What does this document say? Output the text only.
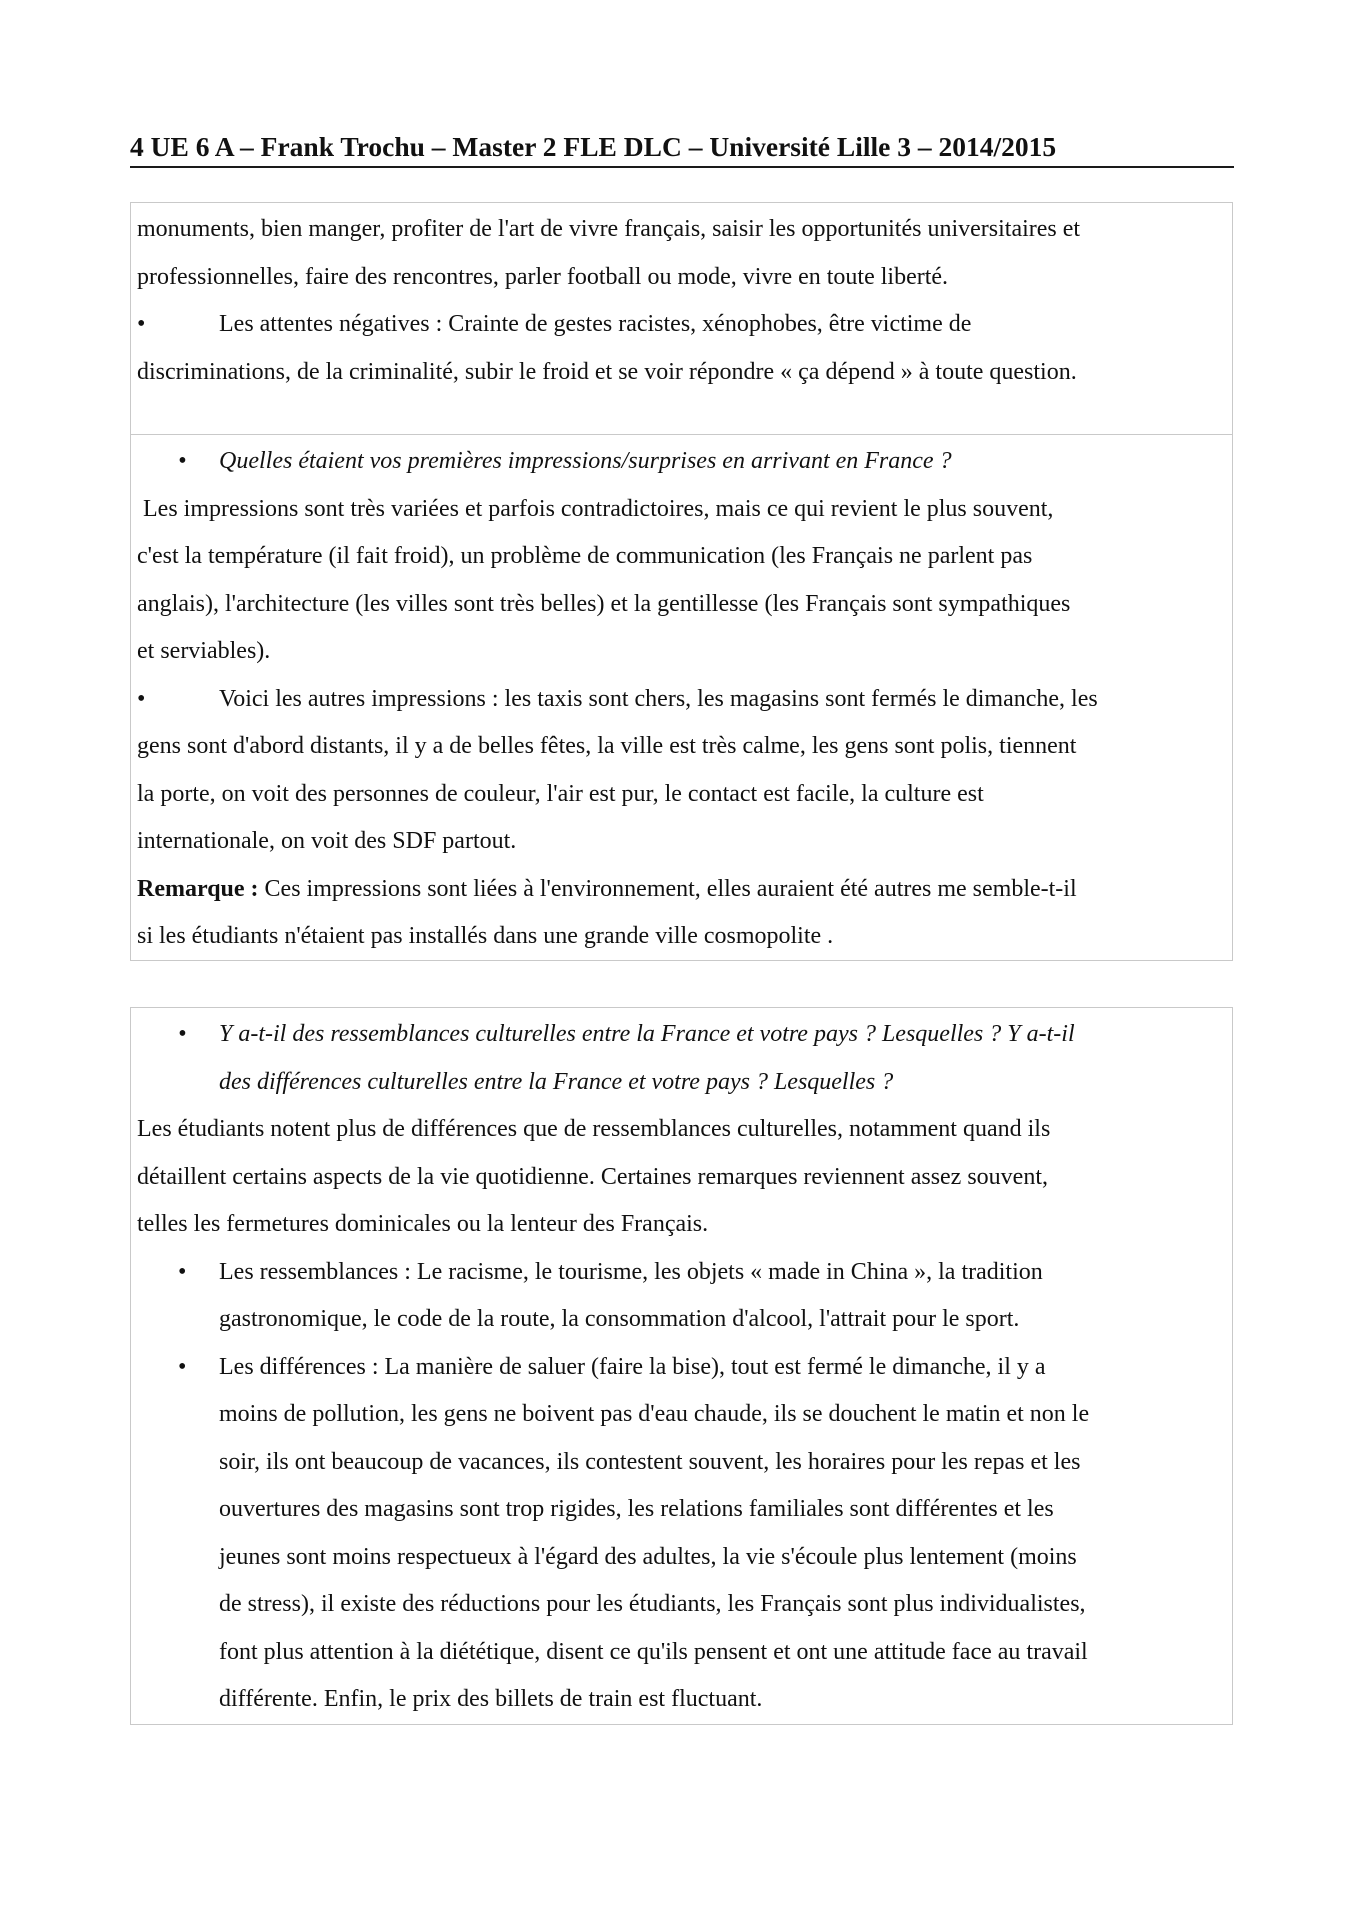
4 UE 6 A – Frank Trochu – Master 2 FLE DLC – Université Lille 3 – 2014/2015

monuments, bien manger, profiter de l'art de vivre français, saisir les opportunités universitaires et

professionnelles, faire des rencontres, parler football ou mode, vivre en toute liberté.

•	Les attentes négatives : Crainte de gestes racistes, xénophobes, être victime de

discriminations, de la criminalité, subir le froid et se voir répondre « ça dépend » à toute question.

• Quelles étaient vos premières impressions/surprises en arrivant en France ?

Les impressions sont très variées et parfois contradictoires, mais ce qui revient le plus souvent,

c'est la température (il fait froid), un problème de communication (les Français ne parlent pas

anglais), l'architecture (les villes sont très belles) et la gentillesse (les Français sont sympathiques

et serviables).

•	Voici les autres impressions : les taxis sont chers, les magasins sont fermés le dimanche, les

gens sont d'abord distants, il y a de belles fêtes, la ville est très calme, les gens sont polis, tiennent

la porte, on voit des personnes de couleur, l'air est pur, le contact est facile, la culture est

internationale, on voit des SDF partout.

Remarque : Ces impressions sont liées à l'environnement, elles auraient été autres me semble-t-il

si les étudiants n'étaient pas installés dans une grande ville cosmopolite .

• Y a-t-il des ressemblances culturelles entre la France et votre pays ? Lesquelles ? Y a-t-il

des différences culturelles entre la France et votre pays ? Lesquelles ?

Les étudiants notent plus de différences que de ressemblances culturelles, notamment quand ils

détaillent certains aspects de la vie quotidienne. Certaines remarques reviennent assez souvent,

telles les fermetures dominicales ou la lenteur des Français.

• Les ressemblances : Le racisme, le tourisme, les objets « made in China », la tradition

gastronomique, le code de la route, la consommation d'alcool, l'attrait pour le sport.

• Les différences : La manière de saluer (faire la bise), tout est fermé le dimanche, il y a

moins de pollution, les gens ne boivent pas d'eau chaude, ils se douchent le matin et non le

soir, ils ont beaucoup de vacances, ils contestent souvent, les horaires pour les repas et les

ouvertures des magasins sont trop rigides, les relations familiales sont différentes et les

jeunes sont moins respectueux à l'égard des adultes, la vie s'écoule plus lentement (moins

de stress), il existe des réductions pour les étudiants, les Français sont plus individualistes,

font plus attention à la diététique, disent ce qu'ils pensent et ont une attitude face au travail

différente. Enfin, le prix des billets de train est fluctuant.
